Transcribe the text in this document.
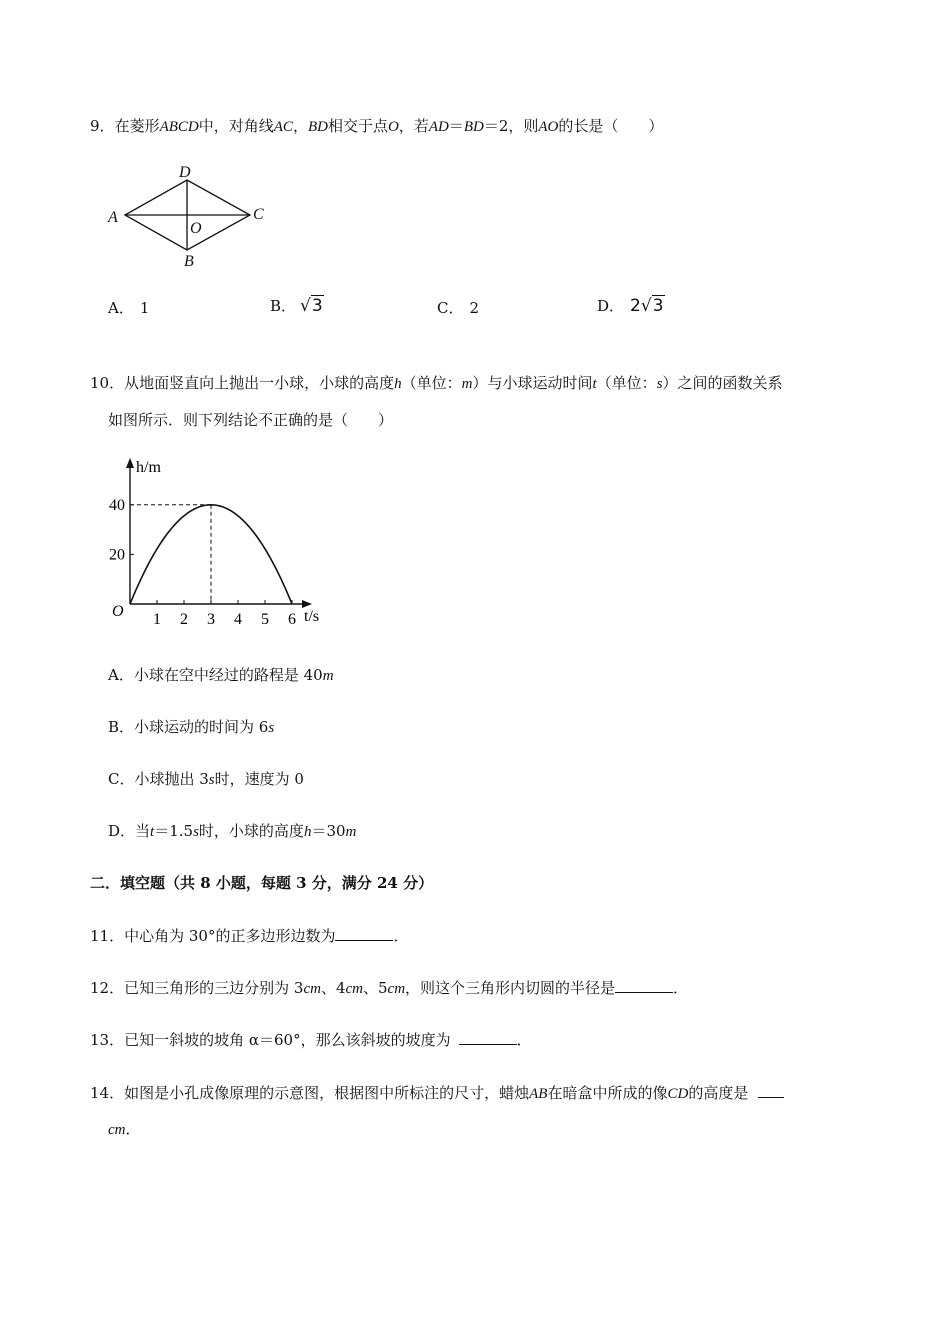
9．在菱形ABCD中，对角线AC，BD相交于点O，若AD＝BD＝2，则AO的长是（　　）
A
D
C
O
B
A． 1	B． √3	C． 2	D． 2√3
10．从地面竖直向上抛出一小球，小球的高度h（单位：m）与小球运动时间t（单位：s）之间的函数关系
如图所示．则下列结论不正确的是（　　）
h/m
t/s
O 1 2 3 4 5 6
20
40
A．小球在空中经过的路程是 40m
B．小球运动的时间为 6s
C．小球抛出 3s时，速度为 0
D．当t＝1.5s时，小球的高度h＝30m
二．填空题（共 8 小题，每题 3 分，满分 24 分）
11．中心角为 30°的正多边形边数为	．
12．已知三角形的三边分别为 3cm、4cm、5cm，则这个三角形内切圆的半径是	．
13．已知一斜坡的坡角 α＝60°，那么该斜坡的坡度为	．
14．如图是小孔成像原理的示意图，根据图中所标注的尺寸，蜡烛AB在暗盒中所成的像CD的高度是
cm．
